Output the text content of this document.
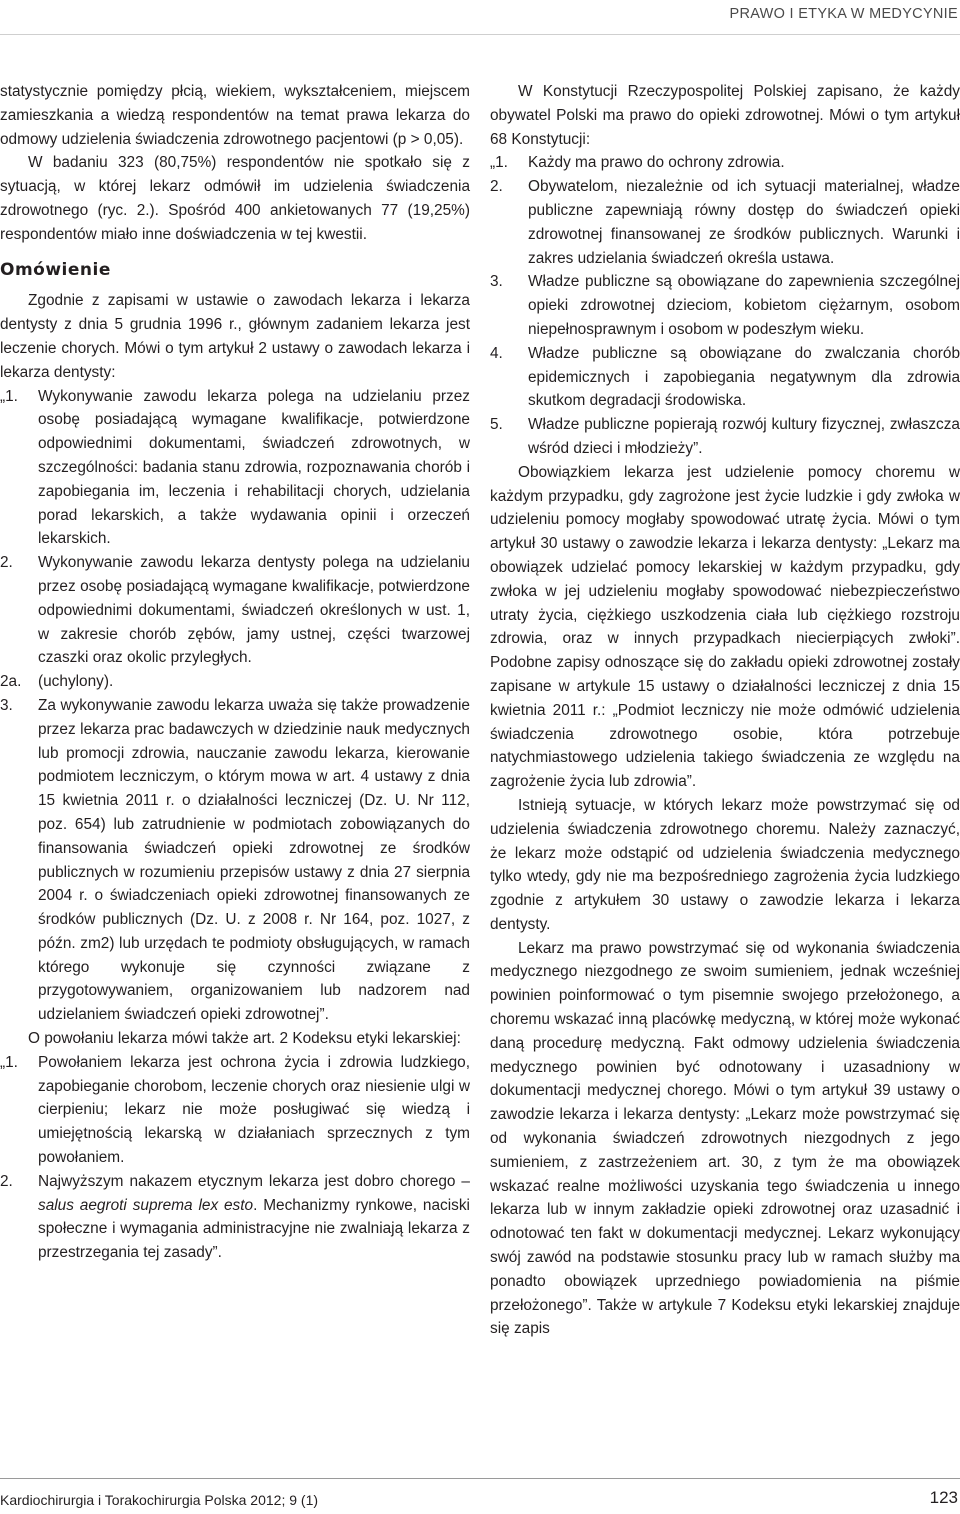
PRAWO I ETYKA W MEDYCYNIE

statystycznie pomiędzy płcią, wiekiem, wykształceniem, miejscem zamieszkania a wiedzą respondentów na temat prawa lekarza do odmowy udzielenia świadczenia zdrowotnego pacjentowi (p > 0,05).

W badaniu 323 (80,75%) respondentów nie spotkało się z sytuacją, w której lekarz odmówił im udzielenia świadczenia zdrowotnego (ryc. 2.). Spośród 400 ankietowanych 77 (19,25%) respondentów miało inne doświadczenia w tej kwestii.

Omówienie

Zgodnie z zapisami w ustawie o zawodach lekarza i lekarza dentysty z dnia 5 grudnia 1996 r., głównym zadaniem lekarza jest leczenie chorych. Mówi o tym artykuł 2 ustawy o zawodach lekarza i lekarza dentysty:

„1. Wykonywanie zawodu lekarza polega na udzielaniu przez osobę posiadającą wymagane kwalifikacje, potwierdzone odpowiednimi dokumentami, świadczeń zdrowotnych, w szczególności: badania stanu zdrowia, rozpoznawania chorób i zapobiegania im, leczenia i rehabilitacji chorych, udzielania porad lekarskich, a także wydawania opinii i orzeczeń lekarskich.
2. Wykonywanie zawodu lekarza dentysty polega na udzielaniu przez osobę posiadającą wymagane kwalifikacje, potwierdzone odpowiednimi dokumentami, świadczeń określonych w ust. 1, w zakresie chorób zębów, jamy ustnej, części twarzowej czaszki oraz okolic przyległych.
2a. (uchylony).
3. Za wykonywanie zawodu lekarza uważa się także prowadzenie przez lekarza prac badawczych w dziedzinie nauk medycznych lub promocji zdrowia, nauczanie zawodu lekarza, kierowanie podmiotem leczniczym, o którym mowa w art. 4 ustawy z dnia 15 kwietnia 2011 r. o działalności leczniczej (Dz. U. Nr 112, poz. 654) lub zatrudnienie w podmiotach zobowiązanych do finansowania świadczeń opieki zdrowotnej ze środków publicznych w rozumieniu przepisów ustawy z dnia 27 sierpnia 2004 r. o świadczeniach opieki zdrowotnej finansowanych ze środków publicznych (Dz. U. z 2008 r. Nr 164, poz. 1027, z późn. zm2) lub urzędach te podmioty obsługujących, w ramach którego wykonuje się czynności związane z przygotowywaniem, organizowaniem lub nadzorem nad udzielaniem świadczeń opieki zdrowotnej”.

O powołaniu lekarza mówi także art. 2 Kodeksu etyki lekarskiej:

„1. Powołaniem lekarza jest ochrona życia i zdrowia ludzkiego, zapobieganie chorobom, leczenie chorych oraz niesienie ulgi w cierpieniu; lekarz nie może posługiwać się wiedzą i umiejętnością lekarską w działaniach sprzecznych z tym powołaniem.
2. Najwyższym nakazem etycznym lekarza jest dobro chorego – salus aegroti suprema lex esto. Mechanizmy rynkowe, naciski społeczne i wymagania administracyjne nie zwalniają lekarza z przestrzegania tej zasady”.

W Konstytucji Rzeczypospolitej Polskiej zapisano, że każdy obywatel Polski ma prawo do opieki zdrowotnej. Mówi o tym artykuł 68 Konstytucji:

„1. Każdy ma prawo do ochrony zdrowia.
2. Obywatelom, niezależnie od ich sytuacji materialnej, władze publiczne zapewniają równy dostęp do świadczeń opieki zdrowotnej finansowanej ze środków publicznych. Warunki i zakres udzielania świadczeń określa ustawa.
3. Władze publiczne są obowiązane do zapewnienia szczególnej opieki zdrowotnej dzieciom, kobietom ciężarnym, osobom niepełnosprawnym i osobom w podeszłym wieku.
4. Władze publiczne są obowiązane do zwalczania chorób epidemicznych i zapobiegania negatywnym dla zdrowia skutkom degradacji środowiska.
5. Władze publiczne popierają rozwój kultury fizycznej, zwłaszcza wśród dzieci i młodzieży”.

Obowiązkiem lekarza jest udzielenie pomocy choremu w każdym przypadku, gdy zagrożone jest życie ludzkie i gdy zwłoka w udzieleniu pomocy mogłaby spowodować utratę życia. Mówi o tym artykuł 30 ustawy o zawodzie lekarza i lekarza dentysty: „Lekarz ma obowiązek udzielać pomocy lekarskiej w każdym przypadku, gdy zwłoka w jej udzieleniu mogłaby spowodować niebezpieczeństwo utraty życia, ciężkiego uszkodzenia ciała lub ciężkiego rozstroju zdrowia, oraz w innych przypadkach niecierpiących zwłoki”. Podobne zapisy odnoszące się do zakładu opieki zdrowotnej zostały zapisane w artykule 15 ustawy o działalności leczniczej z dnia 15 kwietnia 2011 r.: „Podmiot leczniczy nie może odmówić udzielenia świadczenia zdrowotnego osobie, która potrzebuje natychmiastowego udzielenia takiego świadczenia ze względu na zagrożenie życia lub zdrowia”.

Istnieją sytuacje, w których lekarz może powstrzymać się od udzielenia świadczenia zdrowotnego choremu. Należy zaznaczyć, że lekarz może odstąpić od udzielenia świadczenia medycznego tylko wtedy, gdy nie ma bezpośredniego zagrożenia życia ludzkiego zgodnie z artykułem 30 ustawy o zawodzie lekarza i lekarza dentysty.

Lekarz ma prawo powstrzymać się od wykonania świadczenia medycznego niezgodnego ze swoim sumieniem, jednak wcześniej powinien poinformować o tym pisemnie swojego przełożonego, a choremu wskazać inną placówkę medyczną, w której może wykonać daną procedurę medyczną. Fakt odmowy udzielenia świadczenia medycznego powinien być odnotowany i uzasadniony w dokumentacji medycznej chorego. Mówi o tym artykuł 39 ustawy o zawodzie lekarza i lekarza dentysty: „Lekarz może powstrzymać się od wykonania świadczeń zdrowotnych niezgodnych z jego sumieniem, z zastrzeżeniem art. 30, z tym że ma obowiązek wskazać realne możliwości uzyskania tego świadczenia u innego lekarza lub w innym zakładzie opieki zdrowotnej oraz uzasadnić i odnotować ten fakt w dokumentacji medycznej. Lekarz wykonujący swój zawód na podstawie stosunku pracy lub w ramach służby ma ponadto obowiązek uprzedniego powiadomienia na piśmie przełożonego”. Także w artykule 7 Kodeksu etyki lekarskiej znajduje się zapis

Kardiochirurgia i Torakochirurgia Polska 2012; 9 (1)	123
